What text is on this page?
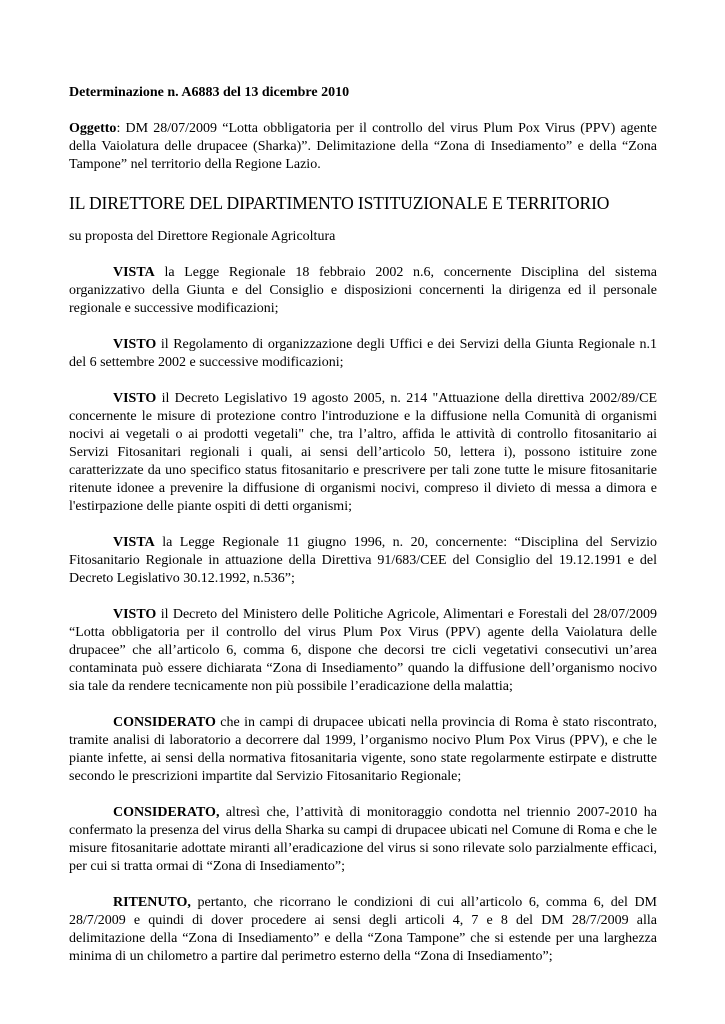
Determinazione n. A6883 del 13 dicembre 2010

Oggetto: DM 28/07/2009 “Lotta obbligatoria per il controllo del virus Plum Pox Virus (PPV) agente della Vaiolatura delle drupacee (Sharka)”. Delimitazione della “Zona di Insediamento” e della “Zona Tampone” nel territorio della Regione Lazio.

IL DIRETTORE DEL DIPARTIMENTO ISTITUZIONALE E TERRITORIO

su proposta del Direttore Regionale Agricoltura

VISTA la Legge Regionale 18 febbraio 2002 n.6, concernente Disciplina del sistema organizzativo della Giunta e del Consiglio e disposizioni concernenti la dirigenza ed il personale regionale e successive modificazioni;

VISTO il Regolamento di organizzazione degli Uffici e dei Servizi della Giunta Regionale n.1 del 6 settembre 2002 e successive modificazioni;

VISTO il Decreto Legislativo 19 agosto 2005, n. 214 "Attuazione della direttiva 2002/89/CE concernente le misure di protezione contro l'introduzione e la diffusione nella Comunità di organismi nocivi ai vegetali o ai prodotti vegetali" che, tra l’altro, affida le attività di controllo fitosanitario ai Servizi Fitosanitari regionali i quali, ai sensi dell’articolo 50, lettera i), possono istituire zone caratterizzate da uno specifico status fitosanitario e prescrivere per tali zone tutte le misure fitosanitarie ritenute idonee a prevenire la diffusione di organismi nocivi, compreso il divieto di messa a dimora e l'estirpazione delle piante ospiti di detti organismi;

VISTA la Legge Regionale 11 giugno 1996, n. 20, concernente: “Disciplina del Servizio Fitosanitario Regionale in attuazione della Direttiva 91/683/CEE del Consiglio del 19.12.1991 e del Decreto Legislativo 30.12.1992, n.536”;

VISTO il Decreto del Ministero delle Politiche Agricole, Alimentari e Forestali del 28/07/2009 “Lotta obbligatoria per il controllo del virus Plum Pox Virus (PPV) agente della Vaiolatura delle drupacee” che all’articolo 6, comma 6, dispone che decorsi tre cicli vegetativi consecutivi un’area contaminata può essere dichiarata “Zona di Insediamento” quando la diffusione dell’organismo nocivo sia tale da rendere tecnicamente non più possibile l’eradicazione della malattia;

CONSIDERATO che in campi di drupacee ubicati nella provincia di Roma è stato riscontrato, tramite analisi di laboratorio a decorrere dal 1999, l’organismo nocivo Plum Pox Virus (PPV), e che le piante infette, ai sensi della normativa fitosanitaria vigente, sono state regolarmente estirpate e distrutte secondo le prescrizioni impartite dal Servizio Fitosanitario Regionale;

CONSIDERATO, altresì che, l’attività di monitoraggio condotta nel triennio 2007-2010 ha confermato la presenza del virus della Sharka su campi di drupacee ubicati nel Comune di Roma e che le misure fitosanitarie adottate miranti all’eradicazione del virus si sono rilevate solo parzialmente efficaci, per cui si tratta ormai di “Zona di Insediamento”;

RITENUTO, pertanto, che ricorrano le condizioni di cui all’articolo 6, comma 6, del DM 28/7/2009 e quindi di dover procedere ai sensi degli articoli 4, 7 e 8 del DM 28/7/2009 alla delimitazione della “Zona di Insediamento” e della “Zona Tampone” che si estende per una larghezza minima di un chilometro a partire dal perimetro esterno della “Zona di Insediamento”;
